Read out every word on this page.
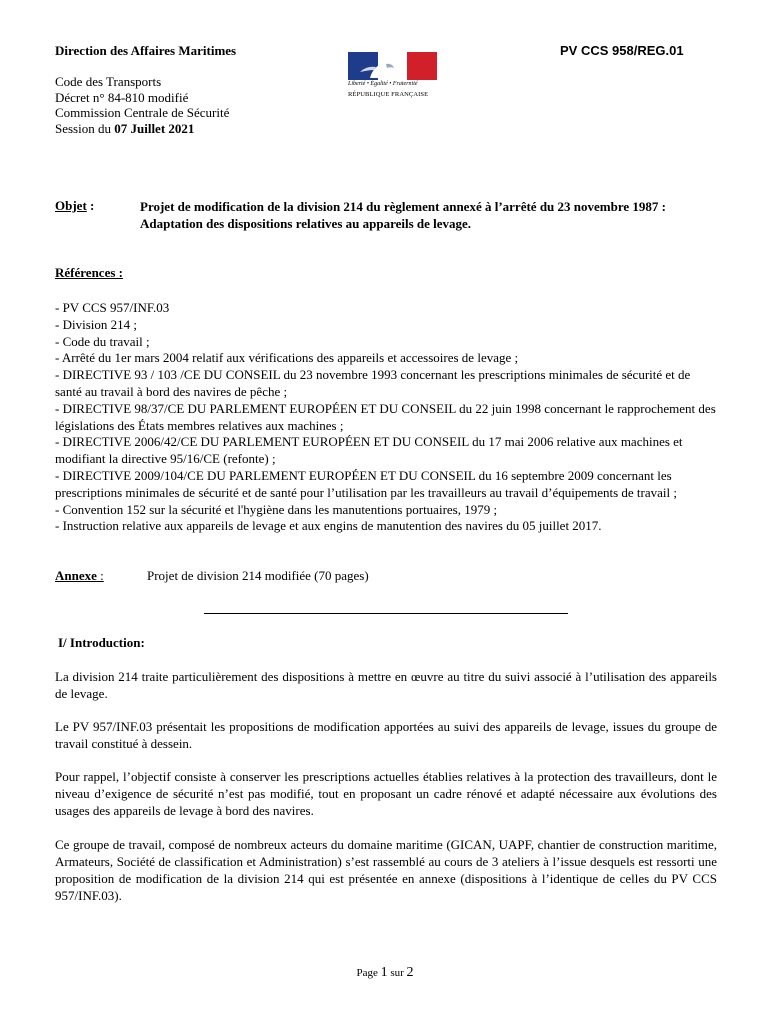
Direction des Affaires Maritimes	PV CCS 958/REG.01
Code des Transports
Décret n° 84-810 modifié
Commission Centrale de Sécurité
Session du 07 Juillet 2021
Liberté • Égalité • Fraternité
RÉPUBLIQUE FRANÇAISE
Objet :	Projet de modification de la division 214 du règlement annexé à l’arrêté du 23 novembre 1987 : Adaptation des dispositions relatives au appareils de levage.
Références :
- PV CCS 957/INF.03
- Division 214 ;
- Code du travail ;
- Arrêté du 1er mars 2004 relatif aux vérifications des appareils et accessoires de levage ;
- DIRECTIVE 93 / 103 /CE DU CONSEIL du 23 novembre 1993 concernant les prescriptions minimales de sécurité et de santé au travail à bord des navires de pêche ;
- DIRECTIVE 98/37/CE DU PARLEMENT EUROPÉEN ET DU CONSEIL du 22 juin 1998 concernant le rapprochement des législations des États membres relatives aux machines ;
- DIRECTIVE 2006/42/CE DU PARLEMENT EUROPÉEN ET DU CONSEIL du 17 mai 2006 relative aux machines et modifiant la directive 95/16/CE (refonte) ;
- DIRECTIVE 2009/104/CE DU PARLEMENT EUROPÉEN ET DU CONSEIL du 16 septembre 2009 concernant les prescriptions minimales de sécurité et de santé pour l’utilisation par les travailleurs au travail d’équipements de travail ;
- Convention 152 sur la sécurité et l'hygiène dans les manutentions portuaires, 1979 ;
- Instruction relative aux appareils de levage et aux engins de manutention des navires du 05 juillet 2017.
Annexe :	Projet de division 214 modifiée (70 pages)
I/ Introduction:
La division 214 traite particulièrement des dispositions à mettre en œuvre au titre du suivi associé à l’utilisation des appareils de levage.
Le PV 957/INF.03 présentait les propositions de modification apportées au suivi des appareils de levage, issues du groupe de travail constitué à dessein.
Pour rappel, l’objectif consiste à conserver les prescriptions actuelles établies relatives à la protection des travailleurs, dont le niveau d’exigence de sécurité n’est pas modifié, tout en proposant un cadre rénové et adapté nécessaire aux évolutions des usages des appareils de levage à bord des navires.
Ce groupe de travail, composé de nombreux acteurs du domaine maritime (GICAN, UAPF, chantier de construction maritime, Armateurs, Société de classification et Administration) s’est rassemblé au cours de 3 ateliers à l’issue desquels est ressorti une proposition de modification de la division 214 qui est présentée en annexe (dispositions à l’identique de celles du PV CCS 957/INF.03).
Page 1 sur 2
